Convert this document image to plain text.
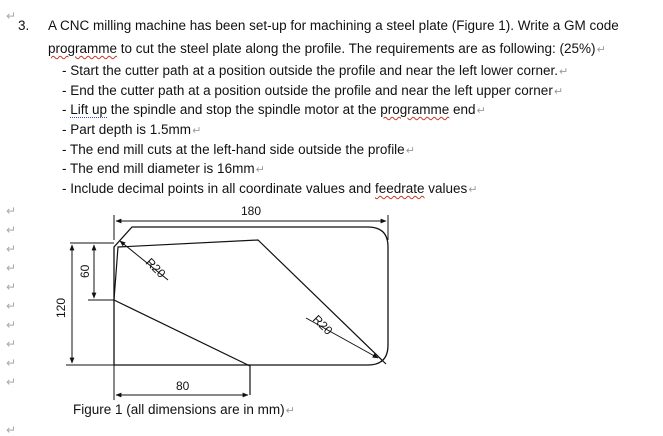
↵
↵
↵
↵
↵
↵
↵
↵
↵
↵
↵
↵
3. A CNC milling machine has been set-up for machining a steel plate (Figure 1). Write a GM code
programme to cut the steel plate along the profile. The requirements are as following: (25%)↵
- Start the cutter path at a position outside the profile and near the left lower corner.↵
- End the cutter path at a position outside the profile and near the left upper corner↵
- Lift up the spindle and stop the spindle motor at the programme end↵
- Part depth is 1.5mm↵
- The end mill cuts at the left-hand side outside the profile↵
- The end mill diameter is 16mm↵
- Include decimal points in all coordinate values and feedrate values↵
180
120
60	R20
R20
80
Figure 1 (all dimensions are in mm)↵
